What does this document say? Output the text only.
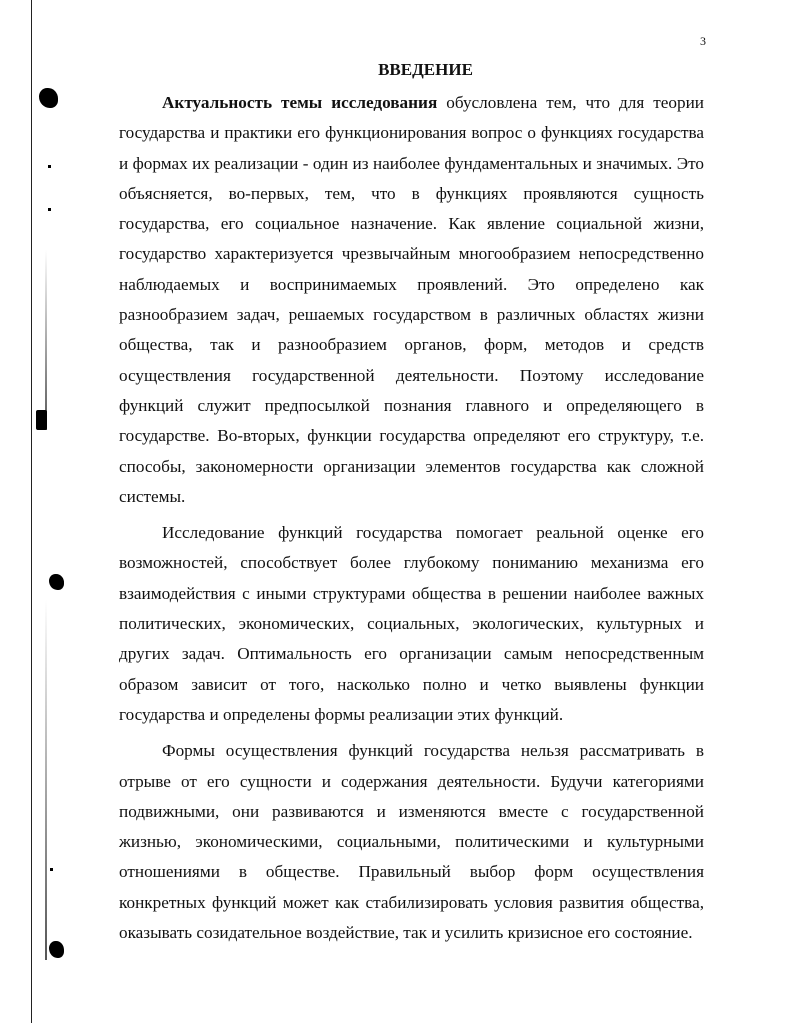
3
ВВЕДЕНИЕ

Актуальность темы исследования обусловлена тем, что для теории государства и практики его функционирования вопрос о функциях государства и формах их реализации - один из наиболее фундаментальных и значимых. Это объясняется, во-первых, тем, что в функциях проявляются сущность государства, его социальное назначение. Как явление социальной жизни, государство характеризуется чрезвычайным многообразием непосредственно наблюдаемых и воспринимаемых проявлений. Это определено как разнообразием задач, решаемых государством в различных областях жизни общества, так и разнообразием органов, форм, методов и средств осуществления государственной деятельности. Поэтому исследование функций служит предпосылкой познания главного и определяющего в государстве. Во-вторых, функции государства определяют его структуру, т.е. способы, закономерности организации элементов государства как сложной системы.

Исследование функций государства помогает реальной оценке его возможностей, способствует более глубокому пониманию механизма его взаимодействия с иными структурами общества в решении наиболее важных политических, экономических, социальных, экологических, культурных и других задач. Оптимальность его организации самым непосредственным образом зависит от того, насколько полно и четко выявлены функции государства и определены формы реализации этих функций.

Формы осуществления функций государства нельзя рассматривать в отрыве от его сущности и содержания деятельности. Будучи категориями подвижными, они развиваются и изменяются вместе с государственной жизнью, экономическими, социальными, политическими и культурными отношениями в обществе. Правильный выбор форм осуществления конкретных функций может как стабилизировать условия развития общества, оказывать созидательное воздействие, так и усилить кризисное его состояние.
